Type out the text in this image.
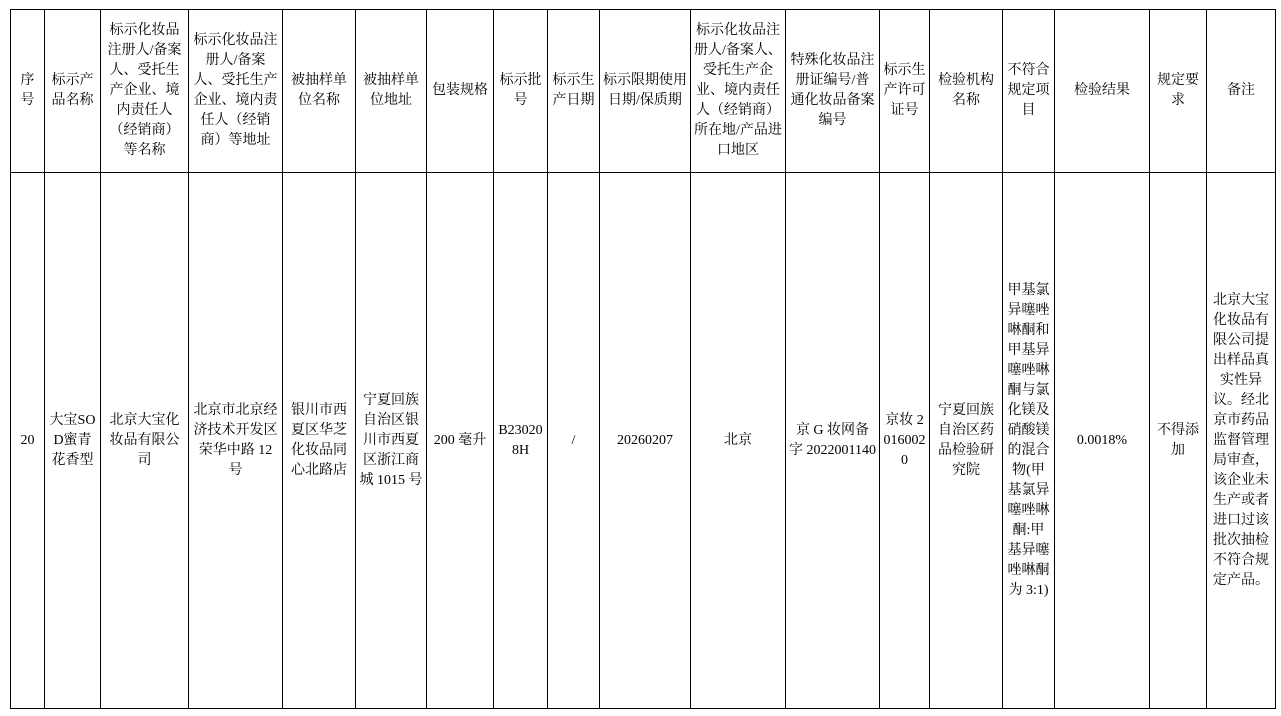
序号	标示产品名称	标示化妆品注册人/备案人、受托生产企业、境内责任人（经销商）等名称	标示化妆品注册人/备案人、受托生产企业、境内责任人（经销商）等地址	被抽样单位名称	被抽样单位地址	包装规格	标示批号	标示生产日期	标示限期使用日期/保质期	标示化妆品注册人/备案人、受托生产企业、境内责任人（经销商）所在地/产品进口地区	特殊化妆品注册证编号/普通化妆品备案编号	标示生产许可证号	检验机构名称	不符合规定项目	检验结果	规定要求	备注
20	大宝SOD蜜青花香型	北京大宝化妆品有限公司	北京市北京经济技术开发区荣华中路 12 号	银川市西夏区华芝化妆品同心北路店	宁夏回族自治区银川市西夏区浙江商城 1015 号	200 毫升	B230208H	/	20260207	北京	京 G 妆网备字 2022001140	京妆 20160020	宁夏回族自治区药品检验研究院	甲基氯异噻唑啉酮和甲基异噻唑啉酮与氯化镁及硝酸镁的混合物(甲基氯异噻唑啉酮:甲基异噻唑啉酮为 3:1)	0.0018%	不得添加	北京大宝化妆品有限公司提出样品真实性异议。经北京市药品监督管理局审查，该企业未生产或者进口过该批次抽检不符合规定产品。
